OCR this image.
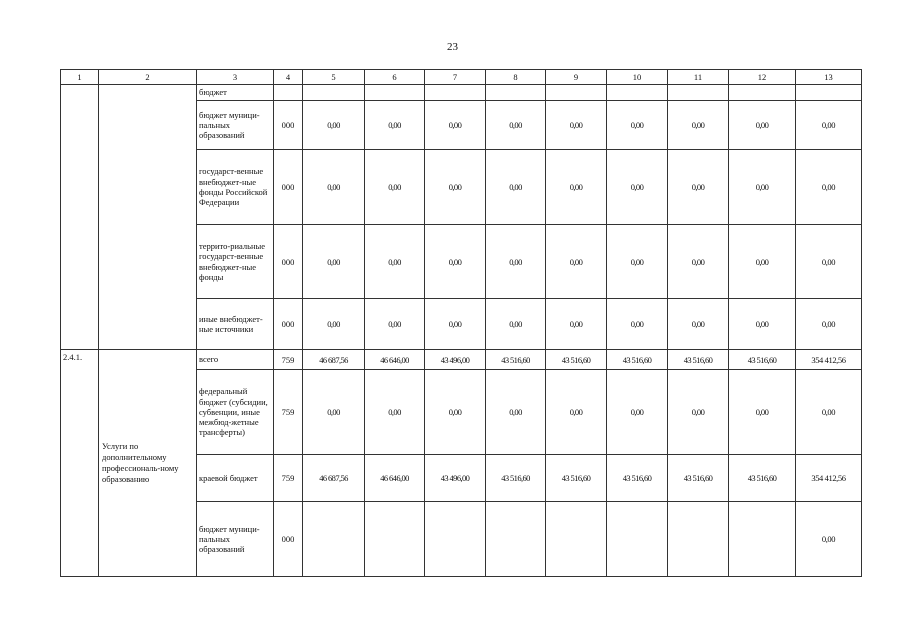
23
1	2	3	4	5	6	7	8	9	10	11	12	13
		бюджет										
		бюджет муници-пальных образований	000	0,00	0,00	0,00	0,00	0,00	0,00	0,00	0,00	0,00
		государст-венные внебюджет-ные фонды Российской Федерации	000	0,00	0,00	0,00	0,00	0,00	0,00	0,00	0,00	0,00
		террито-риальные государст-венные внебюджет-ные фонды	000	0,00	0,00	0,00	0,00	0,00	0,00	0,00	0,00	0,00
		иные внебюджет-ные источники	000	0,00	0,00	0,00	0,00	0,00	0,00	0,00	0,00	0,00
2.4.1.	Услуги по дополнительному профессиональ-ному образованию	всего	759	46 687,56	46 646,00	43 496,00	43 516,60	43 516,60	43 516,60	43 516,60	43 516,60	354 412,56
		федеральный бюджет (субсидии, субвенции, иные межбюд-жетные трансферты)	759	0,00	0,00	0,00	0,00	0,00	0,00	0,00	0,00	0,00
		краевой бюджет	759	46 687,56	46 646,00	43 496,00	43 516,60	43 516,60	43 516,60	43 516,60	43 516,60	354 412,56
		бюджет муници-пальных образований	000									0,00
